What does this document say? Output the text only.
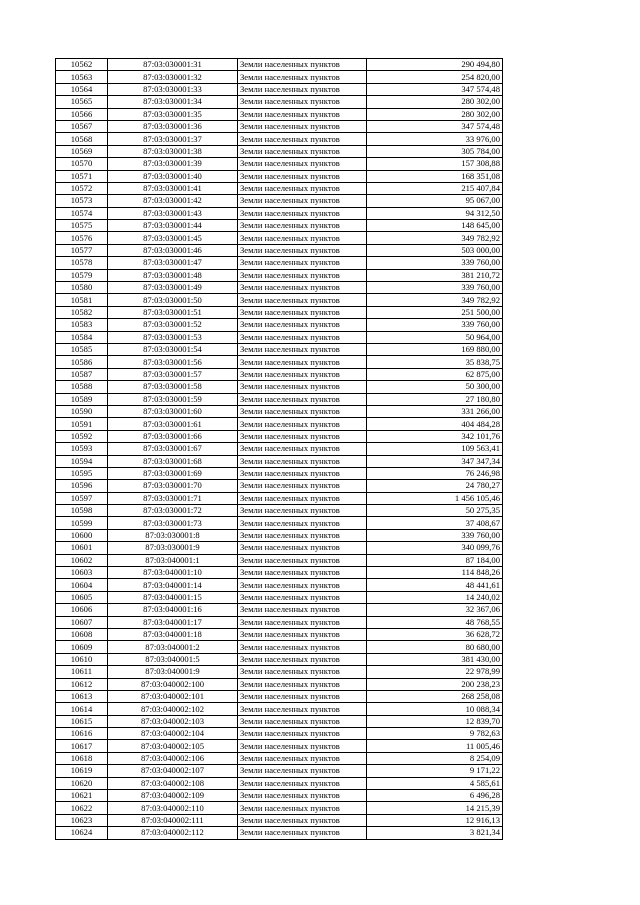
10562	87:03:030001:31	Земли населенных пунктов	290 494,80
10563	87:03:030001:32	Земли населенных пунктов	254 820,00
10564	87:03:030001:33	Земли населенных пунктов	347 574,48
10565	87:03:030001:34	Земли населенных пунктов	280 302,00
10566	87:03:030001:35	Земли населенных пунктов	280 302,00
10567	87:03:030001:36	Земли населенных пунктов	347 574,48
10568	87:03:030001:37	Земли населенных пунктов	33 976,00
10569	87:03:030001:38	Земли населенных пунктов	305 784,00
10570	87:03:030001:39	Земли населенных пунктов	157 308,88
10571	87:03:030001:40	Земли населенных пунктов	168 351,08
10572	87:03:030001:41	Земли населенных пунктов	215 407,84
10573	87:03:030001:42	Земли населенных пунктов	95 067,00
10574	87:03:030001:43	Земли населенных пунктов	94 312,50
10575	87:03:030001:44	Земли населенных пунктов	148 645,00
10576	87:03:030001:45	Земли населенных пунктов	349 782,92
10577	87:03:030001:46	Земли населенных пунктов	503 000,00
10578	87:03:030001:47	Земли населенных пунктов	339 760,00
10579	87:03:030001:48	Земли населенных пунктов	381 210,72
10580	87:03:030001:49	Земли населенных пунктов	339 760,00
10581	87:03:030001:50	Земли населенных пунктов	349 782,92
10582	87:03:030001:51	Земли населенных пунктов	251 500,00
10583	87:03:030001:52	Земли населенных пунктов	339 760,00
10584	87:03:030001:53	Земли населенных пунктов	50 964,00
10585	87:03:030001:54	Земли населенных пунктов	169 880,00
10586	87:03:030001:56	Земли населенных пунктов	35 838,75
10587	87:03:030001:57	Земли населенных пунктов	62 875,00
10588	87:03:030001:58	Земли населенных пунктов	50 300,00
10589	87:03:030001:59	Земли населенных пунктов	27 180,80
10590	87:03:030001:60	Земли населенных пунктов	331 266,00
10591	87:03:030001:61	Земли населенных пунктов	404 484,28
10592	87:03:030001:66	Земли населенных пунктов	342 101,76
10593	87:03:030001:67	Земли населенных пунктов	109 563,41
10594	87:03:030001:68	Земли населенных пунктов	347 347,34
10595	87:03:030001:69	Земли населенных пунктов	76 246,98
10596	87:03:030001:70	Земли населенных пунктов	24 780,27
10597	87:03:030001:71	Земли населенных пунктов	1 456 105,46
10598	87:03:030001:72	Земли населенных пунктов	50 275,35
10599	87:03:030001:73	Земли населенных пунктов	37 408,67
10600	87:03:030001:8	Земли населенных пунктов	339 760,00
10601	87:03:030001:9	Земли населенных пунктов	340 099,76
10602	87:03:040001:1	Земли населенных пунктов	87 184,00
10603	87:03:040001:10	Земли населенных пунктов	114 848,26
10604	87:03:040001:14	Земли населенных пунктов	48 441,61
10605	87:03:040001:15	Земли населенных пунктов	14 240,02
10606	87:03:040001:16	Земли населенных пунктов	32 367,06
10607	87:03:040001:17	Земли населенных пунктов	48 768,55
10608	87:03:040001:18	Земли населенных пунктов	36 628,72
10609	87:03:040001:2	Земли населенных пунктов	80 680,00
10610	87:03:040001:5	Земли населенных пунктов	381 430,00
10611	87:03:040001:9	Земли населенных пунктов	22 978,99
10612	87:03:040002:100	Земли населенных пунктов	200 238,23
10613	87:03:040002:101	Земли населенных пунктов	268 258,08
10614	87:03:040002:102	Земли населенных пунктов	10 088,34
10615	87:03:040002:103	Земли населенных пунктов	12 839,70
10616	87:03:040002:104	Земли населенных пунктов	9 782,63
10617	87:03:040002:105	Земли населенных пунктов	11 005,46
10618	87:03:040002:106	Земли населенных пунктов	8 254,09
10619	87:03:040002:107	Земли населенных пунктов	9 171,22
10620	87:03:040002:108	Земли населенных пунктов	4 585,61
10621	87:03:040002:109	Земли населенных пунктов	6 496,28
10622	87:03:040002:110	Земли населенных пунктов	14 215,39
10623	87:03:040002:111	Земли населенных пунктов	12 916,13
10624	87:03:040002:112	Земли населенных пунктов	3 821,34
